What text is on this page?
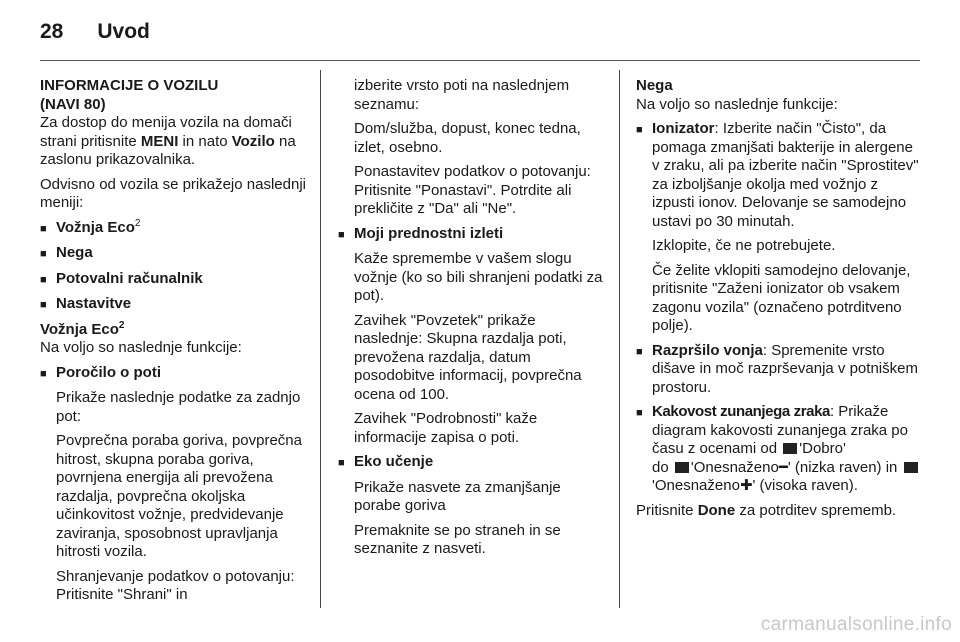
28 Uvod
INFORMACIJE O VOZILU
(NAVI 80)

Za dostop do menija vozila na domači strani pritisnite MENI in nato Vozilo na zaslonu prikazovalnika.

Odvisno od vozila se prikažejo naslednji meniji:

■ Vožnja Eco$^2$
■ Nega
■ Potovalni računalnik
■ Nastavitve
Vožnja Eco$^2$

Na voljo so naslednje funkcije:

■ Poročilo o poti

Prikaže naslednje podatke za zadnjo pot:

Povprečna poraba goriva, povprečna hitrost, skupna poraba goriva, povrnjena energija ali prevožena razdalja, povprečna okoljska učinkovitost vožnje, predvidevanje zaviranja, sposobnost upravljanja hitrosti vozila.

Shranjevanje podatkov o potovanju: Pritisnite "Shrani" in

izberite vrsto poti na naslednjem seznamu:

Dom/služba, dopust, konec tedna, izlet, osebno.

Ponastavitev podatkov o potovanju: Pritisnite "Ponastavi". Potrdite ali prekličite z "Da" ali "Ne".

■ Moji prednostni izleti

Kaže spremembe v vašem slogu vožnje (ko so bili shranjeni podatki za pot).

Zavihek "Povzetek" prikaže naslednje: Skupna razdalja poti, prevožena razdalja, datum posodobitve informacij, povprečna ocena od 100.

Zavihek "Podrobnosti" kaže informacije zapisa o poti.

■ Eko učenje

Prikaže nasvete za zmanjšanje porabe goriva

Premaknite se po straneh in se seznanite z nasveti.

Nega

Na voljo so naslednje funkcije:

■ Ionizator: Izberite način "Čisto", da pomaga zmanjšati bakterije in alergene v zraku, ali pa izberite način "Sprostitev" za izboljšanje okolja med vožnjo z izpusti ionov. Delovanje se samodejno ustavi po 30 minutah.

Izklopite, če ne potrebujete.

Če želite vklopiti samodejno delovanje, pritisnite "Zaženi ionizator ob vsakem zagonu vozila" (označeno potrditveno polje).

■ Razpršilo vonja: Spremenite vrsto dišave in moč razprševanja v potniškem prostoru.
■ Kakovost zunanjega zraka: Prikaže diagram kakovosti zunanjega zraka po času z ocenami od 'Dobro'
do 'Onesnaženo━' (nizka raven) in 'Onesnaženo✚' (visoka raven).

Pritisnite Done za potrditev sprememb.

carmanualsonline.info
